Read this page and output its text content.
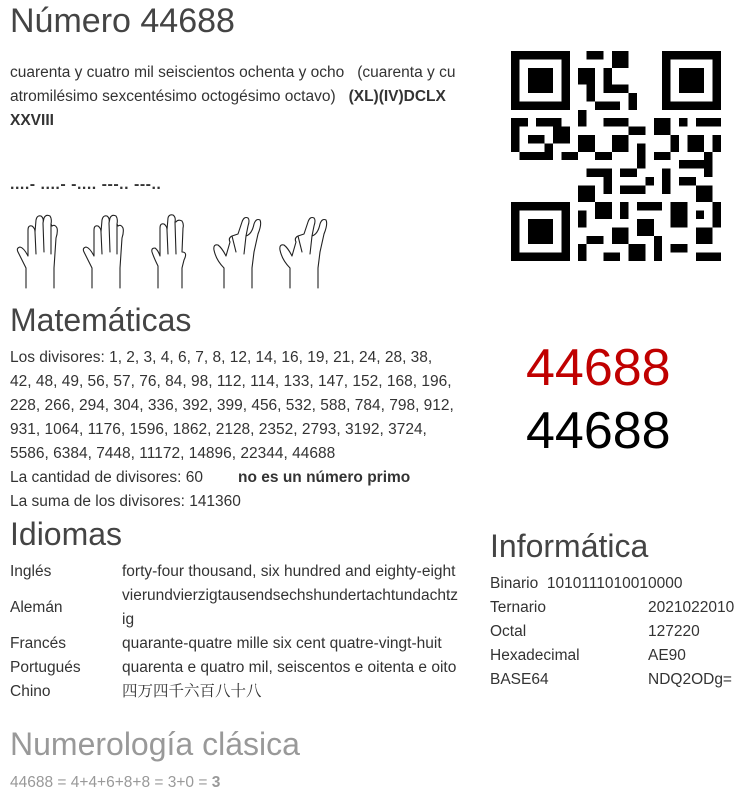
Número 44688
cuarenta y cuatro mil seiscientos ochenta y ocho (cuarenta y cu
atromilésimo sexcentésimo octogésimo octavo) (XL)(IV)DCLX
XXVIII
....- ....- -.... ---.. ---..
Matemáticas
Los divisores: 1, 2, 3, 4, 6, 7, 8, 12, 14, 16, 19, 21, 24, 28, 38,
42, 48, 49, 56, 57, 76, 84, 98, 112, 114, 133, 147, 152, 168, 196,
228, 266, 294, 304, 336, 392, 399, 456, 532, 588, 784, 798, 912,
931, 1064, 1176, 1596, 1862, 2128, 2352, 2793, 3192, 3724,
5586, 6384, 7448, 11172, 14896, 22344, 44688
La cantidad de divisores: 60 no es un número primo
La suma de los divisores: 141360
44688
44688
Idiomas
Inglés	forty-four thousand, six hundred and eighty-eight
Alemán	vierundvierzigtausendsechshundertachtundachtz
ig

Francés	quarante-quatre mille six cent quatre-vingt-huit
Portugués	quarenta e quatro mil, seiscentos e oitenta e oito
Chino	四万四千六百八十八
Informática
Binario 1010111010010000
Ternario	2021022010
Octal	127220
Hexadecimal	AE90
BASE64	NDQ2ODg=
Numerología clásica
44688 = 4+4+6+8+8 = 3+0 = 3
